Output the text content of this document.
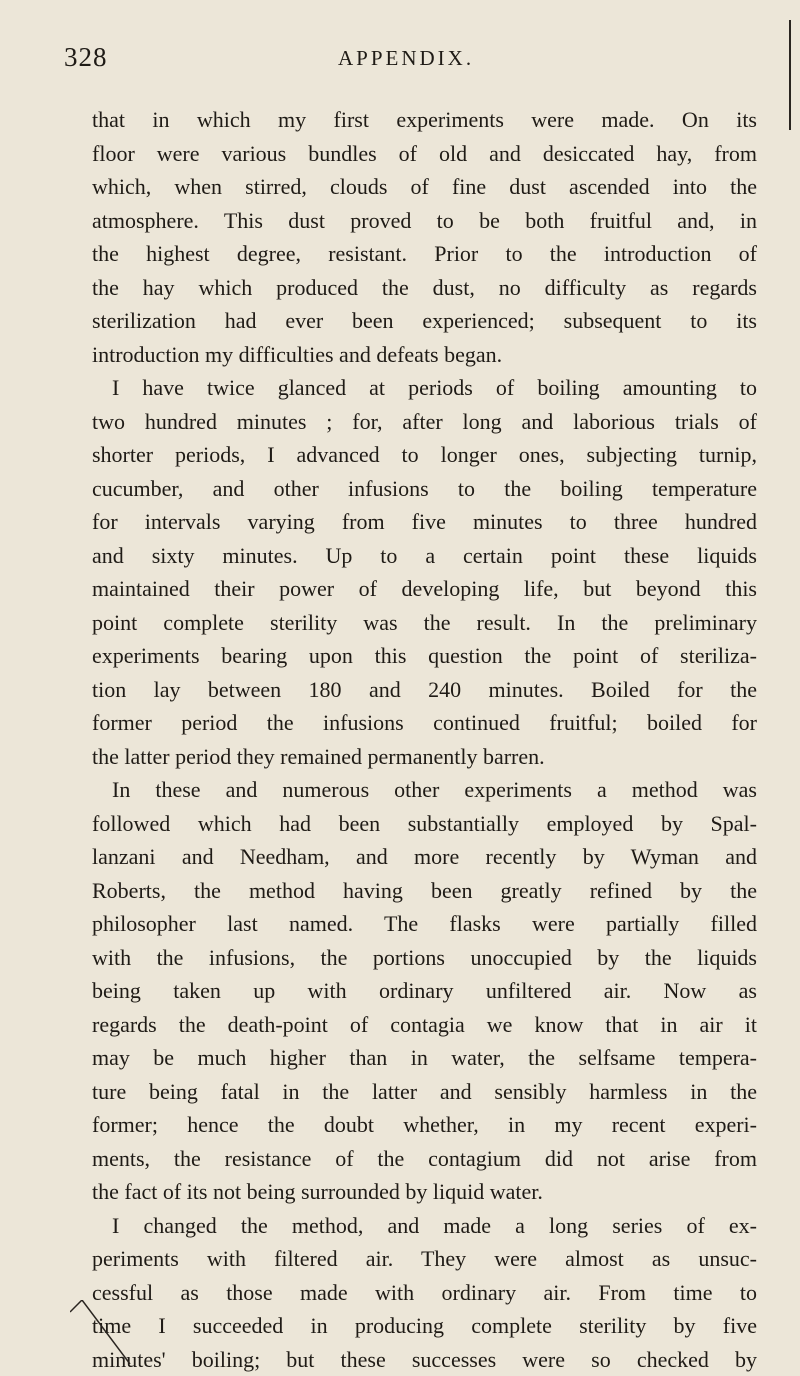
328	APPENDIX.
that in which my first experiments were made. On its
floor were various bundles of old and desiccated hay, from
which, when stirred, clouds of fine dust ascended into the
atmosphere. This dust proved to be both fruitful and, in
the highest degree, resistant. Prior to the introduction of
the hay which produced the dust, no difficulty as regards
sterilization had ever been experienced; subsequent to its
introduction my difficulties and defeats began.
I have twice glanced at periods of boiling amounting to
two hundred minutes ; for, after long and laborious trials of
shorter periods, I advanced to longer ones, subjecting turnip,
cucumber, and other infusions to the boiling temperature
for intervals varying from five minutes to three hundred
and sixty minutes. Up to a certain point these liquids
maintained their power of developing life, but beyond this
point complete sterility was the result. In the preliminary
experiments bearing upon this question the point of steriliza-
tion lay between 180 and 240 minutes. Boiled for the
former period the infusions continued fruitful; boiled for
the latter period they remained permanently barren.
In these and numerous other experiments a method was
followed which had been substantially employed by Spal-
lanzani and Needham, and more recently by Wyman and
Roberts, the method having been greatly refined by the
philosopher last named. The flasks were partially filled
with the infusions, the portions unoccupied by the liquids
being taken up with ordinary unfiltered air. Now as
regards the death-point of contagia we know that in air it
may be much higher than in water, the selfsame tempera-
ture being fatal in the latter and sensibly harmless in the
former; hence the doubt whether, in my recent experi-
ments, the resistance of the contagium did not arise from
the fact of its not being surrounded by liquid water.
I changed the method, and made a long series of ex-
periments with filtered air. They were almost as unsuc-
cessful as those made with ordinary air. From time to
time I succeeded in producing complete sterility by five
minutes' boiling; but these successes were so checked by
